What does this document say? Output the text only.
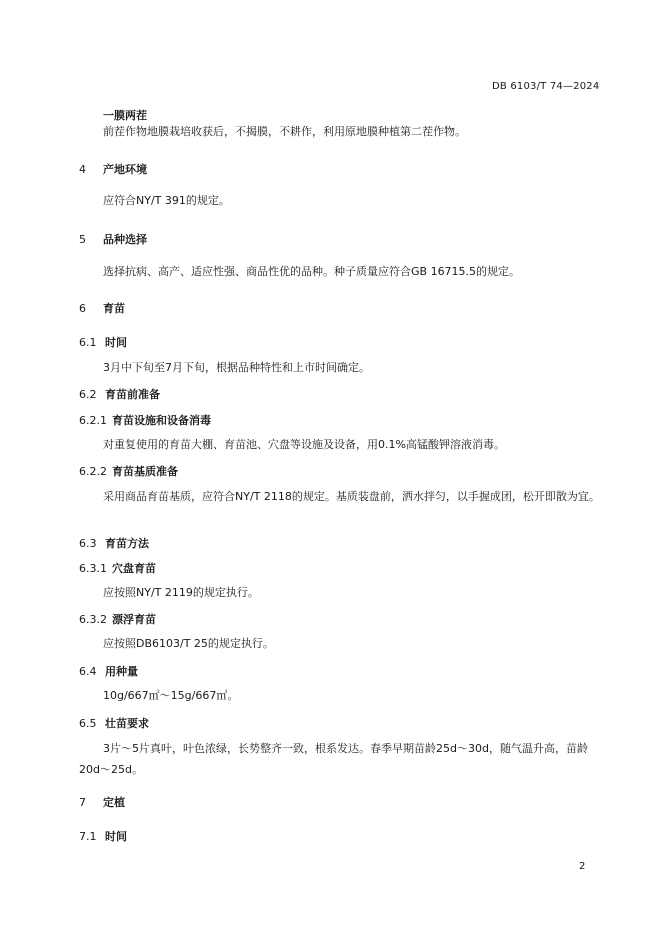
DB 6103/T 74—2024
一膜两茬
前茬作物地膜栽培收获后，不揭膜，不耕作，利用原地膜种植第二茬作物。
4 产地环境
应符合NY/T 391的规定。
5 品种选择
选择抗病、高产、适应性强、商品性优的品种。种子质量应符合GB 16715.5的规定。
6 育苗
6.1 时间
3月中下旬至7月下旬，根据品种特性和上市时间确定。
6.2 育苗前准备
6.2.1 育苗设施和设备消毒
对重复使用的育苗大棚、育苗池、穴盘等设施及设备，用0.1%高锰酸钾溶液消毒。
6.2.2 育苗基质准备
采用商品育苗基质，应符合NY/T 2118的规定。基质装盘前，洒水拌匀，以手握成团，松开即散为宜。
6.3 育苗方法
6.3.1 穴盘育苗
应按照NY/T 2119的规定执行。
6.3.2 漂浮育苗
应按照DB6103/T 25的规定执行。
6.4 用种量
10g/667㎡～15g/667㎡。
6.5 壮苗要求
3片～5片真叶，叶色浓绿，长势整齐一致，根系发达。春季早期苗龄25d～30d，随气温升高，苗龄20d～25d。
7 定植
7.1 时间
2
